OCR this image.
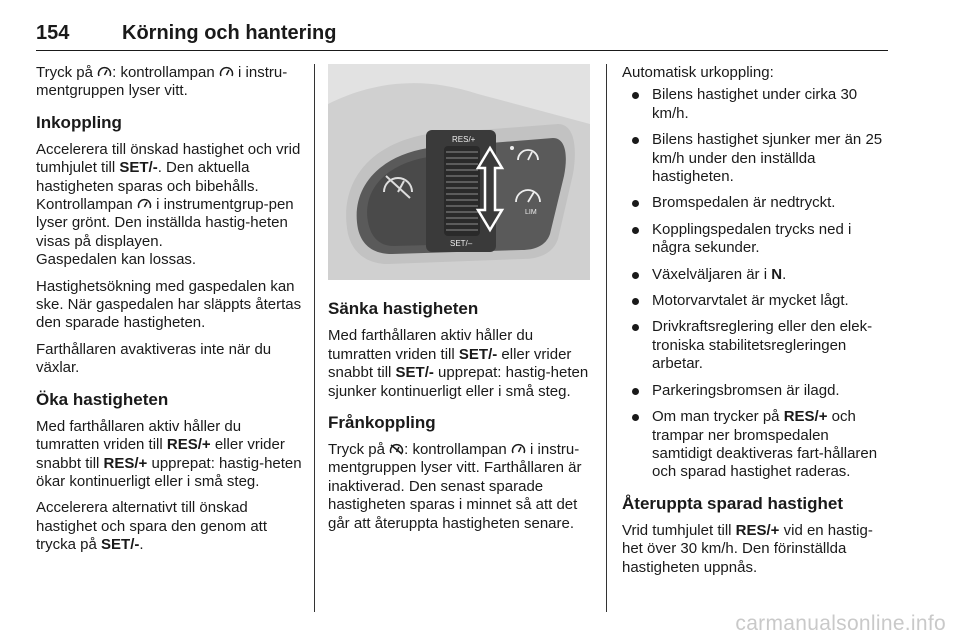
154	Körning och hantering

Tryck på : kontrollampan  i instru-mentgruppen lyser vitt.

Inkoppling

Accelerera till önskad hastighet och vrid tumhjulet till SET/-. Den aktuella hastigheten sparas och bibehålls. Kontrollampan  i instrumentgrup-pen lyser grönt. Den inställda hastig-heten visas på displayen.

Gaspedalen kan lossas.

Hastighetsökning med gaspedalen kan ske. När gaspedalen har släppts återtas den sparade hastigheten.

Farthållaren avaktiveras inte när du växlar.

Öka hastigheten

Med farthållaren aktiv håller du tumratten vriden till RES/+ eller vrider snabbt till RES/+ upprepat: hastig-heten ökar kontinuerligt eller i små steg.

Accelerera alternativt till önskad hastighet och spara den genom att trycka på SET/-.

RES/+
SET/–
LIM
Sänka hastigheten

Med farthållaren aktiv håller du tumratten vriden till SET/- eller vrider snabbt till SET/- upprepat: hastig-heten sjunker kontinuerligt eller i små steg.

Frånkoppling

Tryck på : kontrollampan  i instru-mentgruppen lyser vitt. Farthållaren är inaktiverad. Den senast sparade hastigheten sparas i minnet så att det går att återuppta hastigheten senare.

Automatisk urkoppling:

Bilens hastighet under cirka 30 km/h.
Bilens hastighet sjunker mer än 25 km/h under den inställda hastigheten.
Bromspedalen är nedtryckt.
Kopplingspedalen trycks ned i några sekunder.
Växelväljaren är i N.
Motorvarvtalet är mycket lågt.
Drivkraftsreglering eller den elek-troniska stabilitetsregleringen arbetar.
Parkeringsbromsen är ilagd.
Om man trycker på RES/+ och trampar ner bromspedalen samtidigt deaktiveras fart-hållaren och sparad hastighet raderas.
Återuppta sparad hastighet

Vrid tumhjulet till RES/+ vid en hastig-het över 30 km/h. Den förinställda hastigheten uppnås.

carmanualsonline.info
